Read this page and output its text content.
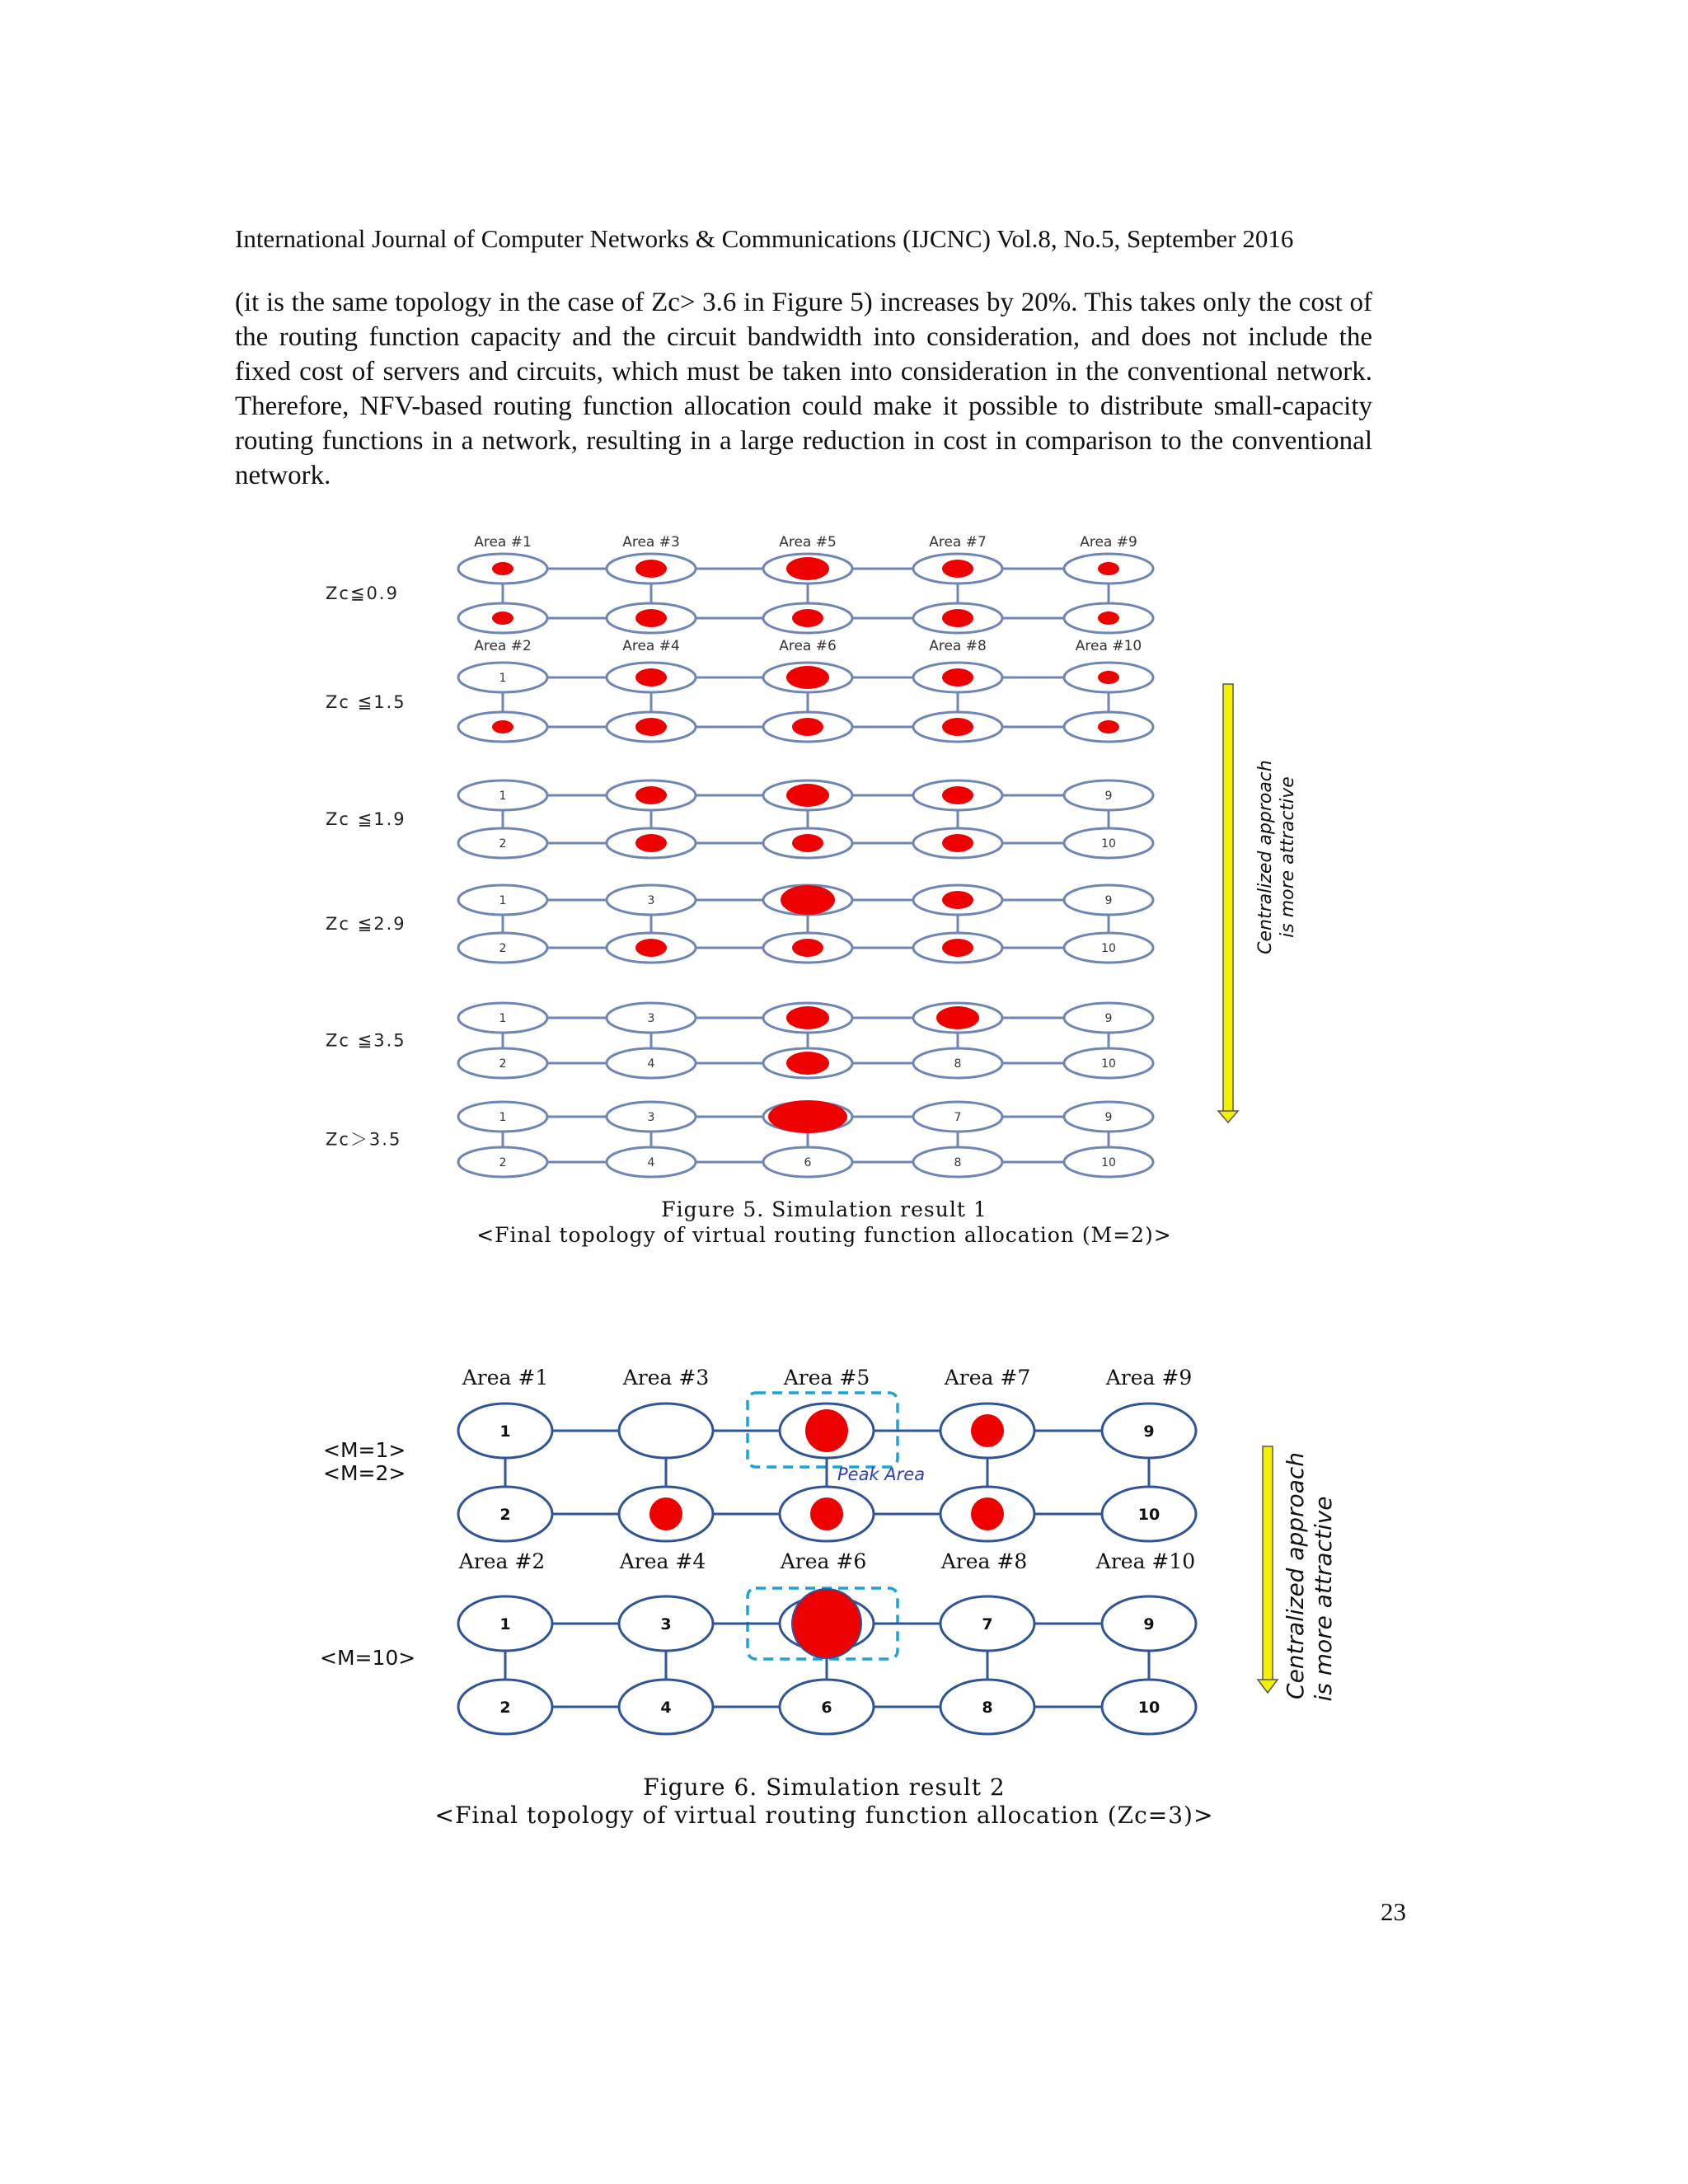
International Journal of Computer Networks & Communications (IJCNC) Vol.8, No.5, September 2016

(it is the same topology in the case of Zc> 3.6 in Figure 5) increases by 20%. This takes only the cost of the routing function capacity and the circuit bandwidth into consideration, and does not include the fixed cost of servers and circuits, which must be taken into consideration in the conventional network. Therefore, NFV-based routing function allocation could make it possible to distribute small-capacity routing functions in a network, resulting in a large reduction in cost in comparison to the conventional network.

Area #1	Area #3	Area #5	Area #7	Area #9
Area #2	Area #4	Area #6	Area #8	Area #10
Zc≦0.9
Zc ≦1.5
1
Zc ≦1.9
1	9
2	10
Zc ≦2.9
1	3	9
2	10
Zc ≦3.5
1	3	9
2	4	8	10
Zc＞3.5
1	3	7	9
2	4	6	8	10
Centralized approach is more attractive
Area #1	Area #3	Area #5	Area #7	Area #9
Area #2	Area #4	Area #6	Area #8	Area #10
<M=1>
<M=2>
<M=10>
Peak Area
1	9
2	10
1	3	7	9
2	4	6	8	10
Centralized approach is more attractive
Figure 5. Simulation result 1
<Final topology of virtual routing function allocation (M=2)>
Figure 6. Simulation result 2
<Final topology of virtual routing function allocation (Zc=3)>
23
